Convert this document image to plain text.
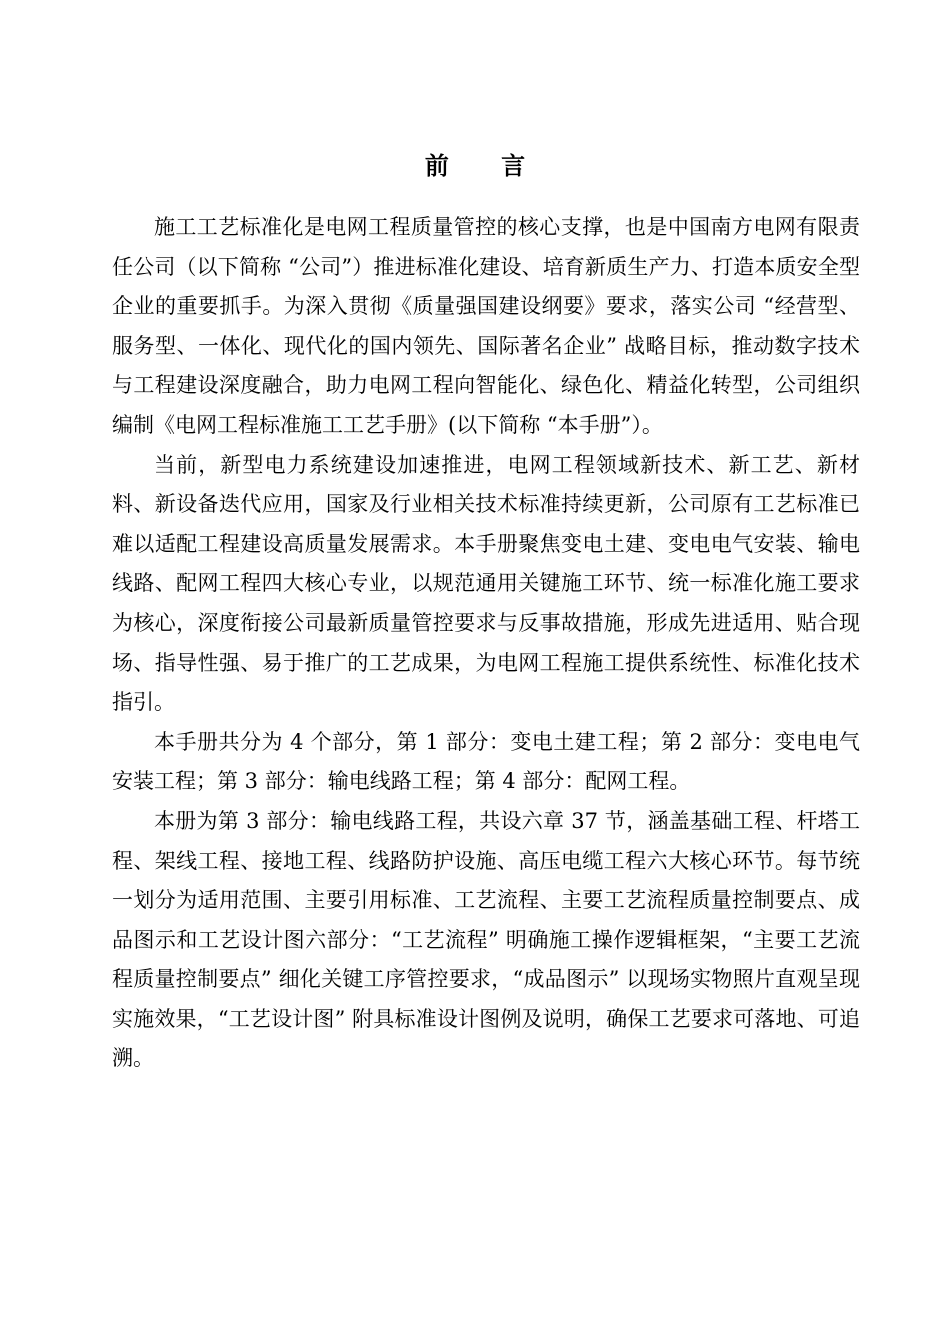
前 言

施工工艺标准化是电网工程质量管控的核心支撑，也是中国南方电网有限责任公司（以下简称 “公司”）推进标准化建设、培育新质生产力、打造本质安全型企业的重要抓手。为深入贯彻《质量强国建设纲要》要求，落实公司 “经营型、服务型、一体化、现代化的国内领先、国际著名企业” 战略目标，推动数字技术与工程建设深度融合，助力电网工程向智能化、绿色化、精益化转型，公司组织编制《电网工程标准施工工艺手册》(以下简称 “本手册”）。

当前，新型电力系统建设加速推进，电网工程领域新技术、新工艺、新材料、新设备迭代应用，国家及行业相关技术标准持续更新，公司原有工艺标准已难以适配工程建设高质量发展需求。本手册聚焦变电土建、变电电气安装、输电线路、配网工程四大核心专业，以规范通用关键施工环节、统一标准化施工要求为核心，深度衔接公司最新质量管控要求与反事故措施，形成先进适用、贴合现场、指导性强、易于推广的工艺成果，为电网工程施工提供系统性、标准化技术指引。

本手册共分为 4 个部分，第 1 部分：变电土建工程；第 2 部分：变电电气安装工程；第 3 部分：输电线路工程；第 4 部分：配网工程。

本册为第 3 部分：输电线路工程，共设六章 37 节，涵盖基础工程、杆塔工程、架线工程、接地工程、线路防护设施、高压电缆工程六大核心环节。每节统一划分为适用范围、主要引用标准、工艺流程、主要工艺流程质量控制要点、成品图示和工艺设计图六部分：“工艺流程” 明确施工操作逻辑框架，“主要工艺流程质量控制要点” 细化关键工序管控要求，“成品图示” 以现场实物照片直观呈现实施效果，“工艺设计图” 附具标准设计图例及说明，确保工艺要求可落地、可追溯。
